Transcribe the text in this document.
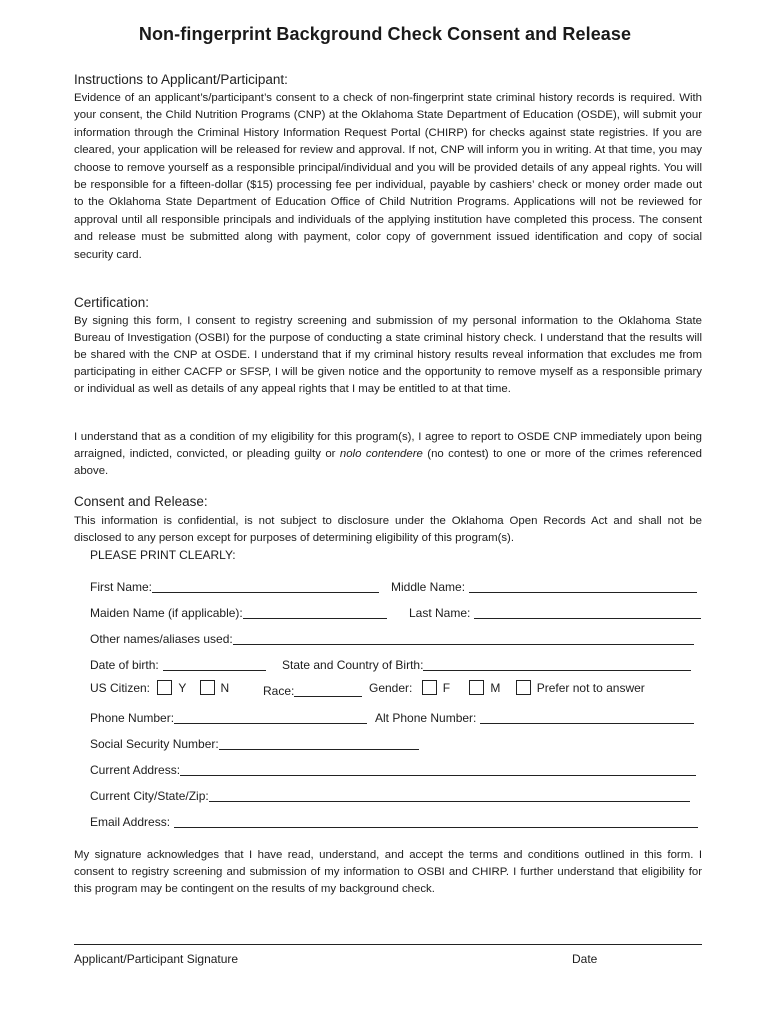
Non-fingerprint Background Check Consent and Release
Instructions to Applicant/Participant:
Evidence of an applicant’s/participant’s consent to a check of non-fingerprint state criminal history records is required. With your consent, the Child Nutrition Programs (CNP) at the Oklahoma State Department of Education (OSDE), will submit your information through the Criminal History Information Request Portal (CHIRP) for checks against state registries. If you are cleared, your application will be released for review and approval. If not, CNP will inform you in writing. At that time, you may choose to remove yourself as a responsible principal/individual and you will be provided details of any appeal rights. You will be responsible for a fifteen-dollar ($15) processing fee per individual, payable by cashiers’ check or money order made out to the Oklahoma State Department of Education Office of Child Nutrition Programs. Applications will not be reviewed for approval until all responsible principals and individuals of the applying institution have completed this process. The consent and release must be submitted along with payment, color copy of government issued identification and copy of social security card.
Certification:
By signing this form, I consent to registry screening and submission of my personal information to the Oklahoma State Bureau of Investigation (OSBI) for the purpose of conducting a state criminal history check. I understand that the results will be shared with the CNP at OSDE. I understand that if my criminal history results reveal information that excludes me from participating in either CACFP or SFSP, I will be given notice and the opportunity to remove myself as a responsible primary or individual as well as details of any appeal rights that I may be entitled to at that time.
I understand that as a condition of my eligibility for this program(s), I agree to report to OSDE CNP immediately upon being arraigned, indicted, convicted, or pleading guilty or nolo contendere (no contest) to one or more of the crimes referenced above.
Consent and Release:
This information is confidential, is not subject to disclosure under the Oklahoma Open Records Act and shall not be disclosed to any person except for purposes of determining eligibility of this program(s).
PLEASE PRINT CLEARLY:
First Name:	Middle Name:
Maiden Name (if applicable):	Last Name:
Other names/aliases used:
Date of birth:	State and Country of Birth:
US Citizen: Y	N	Race:	Gender:	F	M	Prefer not to answer
Phone Number:	Alt Phone Number:
Social Security Number:
Current Address:
Current City/State/Zip:
Email Address:
My signature acknowledges that I have read, understand, and accept the terms and conditions outlined in this form. I consent to registry screening and submission of my information to OSBI and CHIRP. I further understand that eligibility for this program may be contingent on the results of my background check.
Applicant/Participant Signature	Date
